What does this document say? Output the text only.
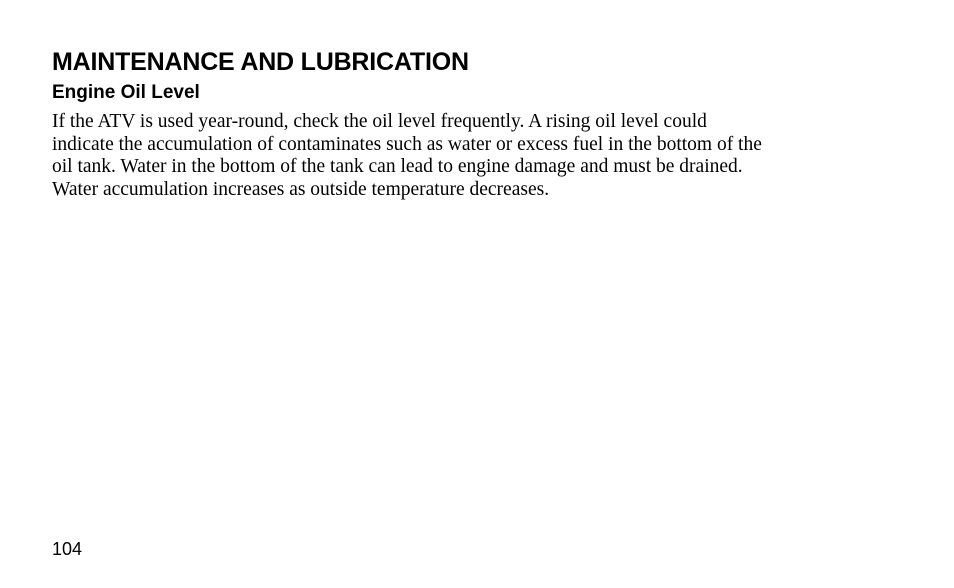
MAINTENANCE AND LUBRICATION
Engine Oil Level

If the ATV is used year-round, check the oil level frequently. A rising oil level could
indicate the accumulation of contaminates such as water or excess fuel in the bottom of the
oil tank. Water in the bottom of the tank can lead to engine damage and must be drained.
Water accumulation increases as outside temperature decreases.

104
